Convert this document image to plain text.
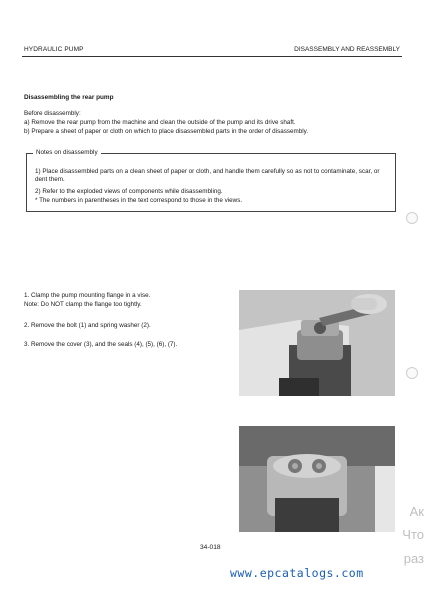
HYDRAULIC PUMP	DISASSEMBLY AND REASSEMBLY
Disassembling the rear pump
Before disassembly:
a) Remove the rear pump from the machine and clean the outside of the pump and its drive shaft.
b) Prepare a sheet of paper or cloth on which to place disassembled parts in the order of disassembly.
Notes on disassembly
1) Place disassembled parts on a clean sheet of paper or cloth, and handle them carefully so as not to contaminate, scar, or dent them.
2) Refer to the exploded views of components while disassembling.
* The numbers in parentheses in the text correspond to those in the views.
1. Clamp the pump mounting flange in a vise.
Note: Do NOT clamp the flange too tightly.
2. Remove the bolt (1) and spring washer (2).
3. Remove the cover (3), and the seals (4), (5), (6), (7).
34-018
www.epcatalogs.com
Ак
Что
раз
